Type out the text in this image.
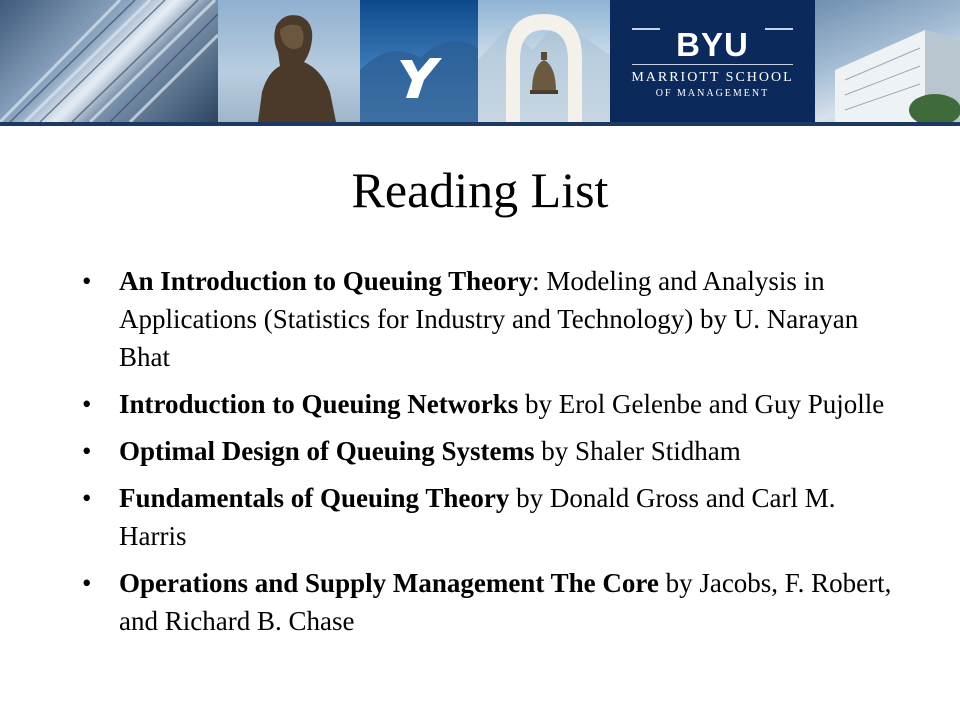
BYU
MARRIOTT SCHOOL
OF MANAGEMENT
Reading List
• An Introduction to Queuing Theory: Modeling and Analysis in Applications (Statistics for Industry and Technology) by U. Narayan Bhat
• Introduction to Queuing Networks by Erol Gelenbe and Guy Pujolle
• Optimal Design of Queuing Systems by Shaler Stidham
• Fundamentals of Queuing Theory by Donald Gross and Carl M. Harris
• Operations and Supply Management The Core by Jacobs, F. Robert, and Richard B. Chase
